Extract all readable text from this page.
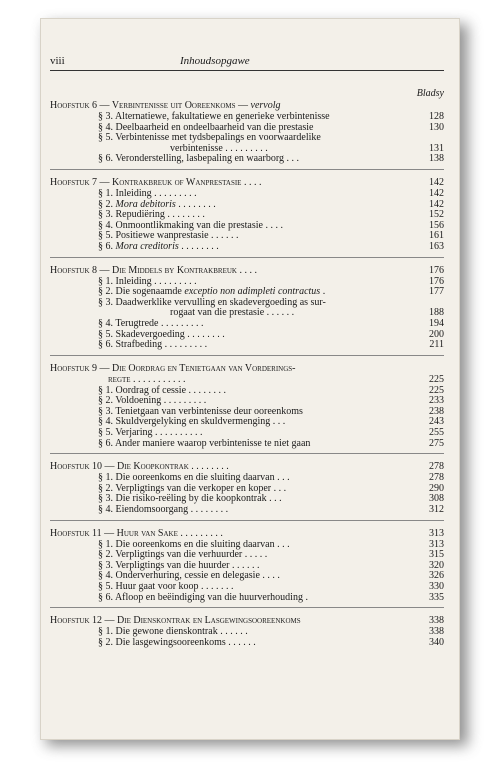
viii	Inhoudsopgawe
Bladsy
Hoofstuk 6 — Verbintenisse uit Ooreenkoms — vervolg
§ 3. Alternatiewe, fakultatiewe en generieke verbintenisse	128
§ 4. Deelbaarheid en ondeelbaarheid van die prestasie	130
§ 5. Verbintenisse met tydsbepalings en voorwaardelike
verbintenisse . . . . . . . . .	131
§ 6. Veronderstelling, lasbepaling en waarborg . . .	138
Hoofstuk 7 — Kontrakbreuk of Wanprestasie . . . .	142
§ 1. Inleiding . . . . . . . . .	142
§ 2. Mora debitoris . . . . . . . .	142
§ 3. Repudiëring . . . . . . . .	152
§ 4. Onmoontlikmaking van die prestasie . . . .	156
§ 5. Positiewe wanprestasie . . . . . .	161
§ 6. Mora creditoris . . . . . . . .	163
Hoofstuk 8 — Die Middels by Kontrakbreuk . . . .	176
§ 1. Inleiding . . . . . . . . .	176
§ 2. Die sogenaamde exceptio non adimpleti contractus .	177
§ 3. Daadwerklike vervulling en skadevergoeding as sur-
rogaat van die prestasie . . . . . .	188
§ 4. Terugtrede . . . . . . . . .	194
§ 5. Skadevergoeding . . . . . . . .	200
§ 6. Strafbeding . . . . . . . . .	211
Hoofstuk 9 — Die Oordrag en Tenietgaan van Vorderings-
regte . . . . . . . . . . .	225
§ 1. Oordrag of cessie . . . . . . . .	225
§ 2. Voldoening . . . . . . . . .	233
§ 3. Tenietgaan van verbintenisse deur ooreenkoms	238
§ 4. Skuldvergelyking en skuldvermenging . . .	243
§ 5. Verjaring . . . . . . . . . .	255
§ 6. Ander maniere waarop verbintenisse te niet gaan	275
Hoofstuk 10 — Die Koopkontrak . . . . . . . .	278
§ 1. Die ooreenkoms en die sluiting daarvan . . .	278
§ 2. Verpligtings van die verkoper en koper . . .	290
§ 3. Die risiko-reëling by die koopkontrak . . .	308
§ 4. Eiendomsoorgang . . . . . . . .	312
Hoofstuk 11 — Huur van Sake . . . . . . . . .	313
§ 1. Die ooreenkoms en die sluiting daarvan . . .	313
§ 2. Verpligtings van die verhuurder . . . . .	315
§ 3. Verpligtings van die huurder . . . . . .	320
§ 4. Onderverhuring, cessie en delegasie . . . .	326
§ 5. Huur gaat voor koop . . . . . . .	330
§ 6. Afloop en beëindiging van die huurverhouding .	335
Hoofstuk 12 — Die Dienskontrak en Lasgewingsooreenkoms	338
§ 1. Die gewone dienskontrak . . . . . .	338
§ 2. Die lasgewingsooreenkoms . . . . . .	340
